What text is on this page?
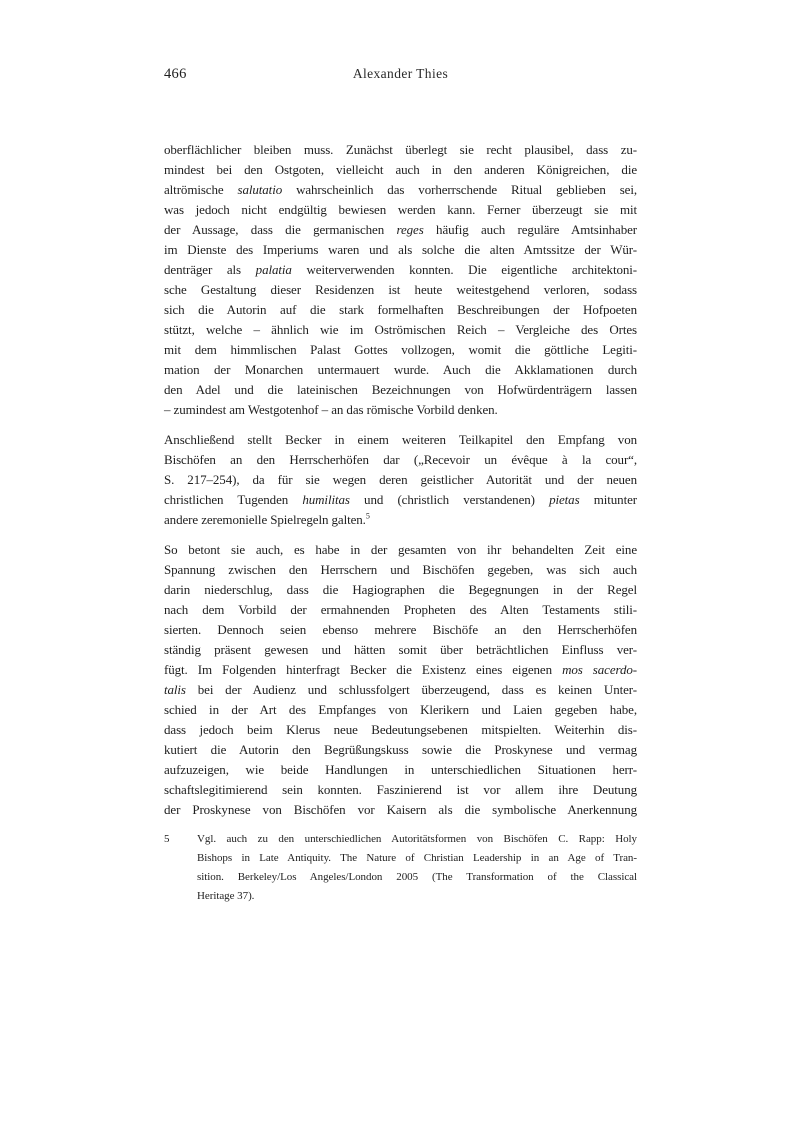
466	Alexander Thies
oberflächlicher bleiben muss. Zunächst überlegt sie recht plausibel, dass zu-
mindest bei den Ostgoten, vielleicht auch in den anderen Königreichen, die
altrömische salutatio wahrscheinlich das vorherrschende Ritual geblieben sei,
was jedoch nicht endgültig bewiesen werden kann. Ferner überzeugt sie mit
der Aussage, dass die germanischen reges häufig auch reguläre Amtsinhaber
im Dienste des Imperiums waren und als solche die alten Amtssitze der Wür-
denträger als palatia weiterverwenden konnten. Die eigentliche architektoni-
sche Gestaltung dieser Residenzen ist heute weitestgehend verloren, sodass
sich die Autorin auf die stark formelhaften Beschreibungen der Hofpoeten
stützt, welche – ähnlich wie im Oströmischen Reich – Vergleiche des Ortes
mit dem himmlischen Palast Gottes vollzogen, womit die göttliche Legiti-
mation der Monarchen untermauert wurde. Auch die Akklamationen durch
den Adel und die lateinischen Bezeichnungen von Hofwürdenträgern lassen
– zumindest am Westgotenhof – an das römische Vorbild denken.
Anschließend stellt Becker in einem weiteren Teilkapitel den Empfang von
Bischöfen an den Herrscherhöfen dar („Recevoir un évêque à la cour“,
S. 217–254), da für sie wegen deren geistlicher Autorität und der neuen
christlichen Tugenden humilitas und (christlich verstandenen) pietas mitunter
andere zeremonielle Spielregeln galten.$^5$
So betont sie auch, es habe in der gesamten von ihr behandelten Zeit eine
Spannung zwischen den Herrschern und Bischöfen gegeben, was sich auch
darin niederschlug, dass die Hagiographen die Begegnungen in der Regel
nach dem Vorbild der ermahnenden Propheten des Alten Testaments stili-
sierten. Dennoch seien ebenso mehrere Bischöfe an den Herrscherhöfen
ständig präsent gewesen und hätten somit über beträchtlichen Einfluss ver-
fügt. Im Folgenden hinterfragt Becker die Existenz eines eigenen mos sacerdo-
talis bei der Audienz und schlussfolgert überzeugend, dass es keinen Unter-
schied in der Art des Empfanges von Klerikern und Laien gegeben habe,
dass jedoch beim Klerus neue Bedeutungsebenen mitspielten. Weiterhin dis-
kutiert die Autorin den Begrüßungskuss sowie die Proskynese und vermag
aufzuzeigen, wie beide Handlungen in unterschiedlichen Situationen herr-
schaftslegitimierend sein konnten. Faszinierend ist vor allem ihre Deutung
der Proskynese von Bischöfen vor Kaisern als die symbolische Anerkennung
5	Vgl. auch zu den unterschiedlichen Autoritätsformen von Bischöfen C. Rapp: Holy
Bishops in Late Antiquity. The Nature of Christian Leadership in an Age of Tran-
sition. Berkeley/Los Angeles/London 2005 (The Transformation of the Classical
Heritage 37).
